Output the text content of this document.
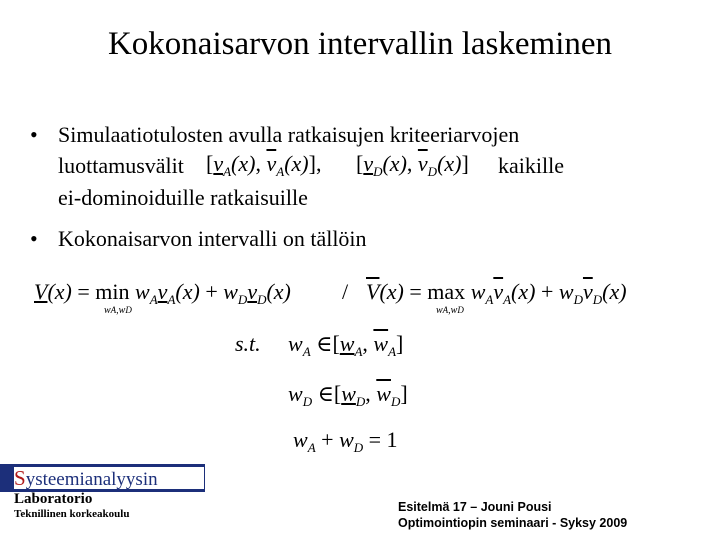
Kokonaisarvon intervallin laskeminen
• Simulaatiotulosten avulla ratkaisujen kriteeriarvojen
luottamusvälit [$v_A(x)$, $\overline{v}_A(x)$], [$v_D(x)$, $\overline{v}_D(x)$] kaikille
ei-dominoiduille ratkaisuille
• Kokonaisarvon intervalli on tällöin
$V(x) = \min w_Av_A(x) + w_Dv_D(x)$
wA,wD
/ $\overline{V}(x) = \max w_A\overline{v}_A(x) + w_D\overline{v}_D(x)$
wA,wD
s.t. $w_A$ $\in[w_A$, $\overline{w}_A$]
$w_D$ $\in[w_D$, $\overline{w}_D$]
$w_A + w_D = 1$
Systeemianalyysin
Laboratorio
Teknillinen korkeakoulu	Esitelmä 17 – Jouni Pousi
Optimointiopin seminaari - Syksy 2009
